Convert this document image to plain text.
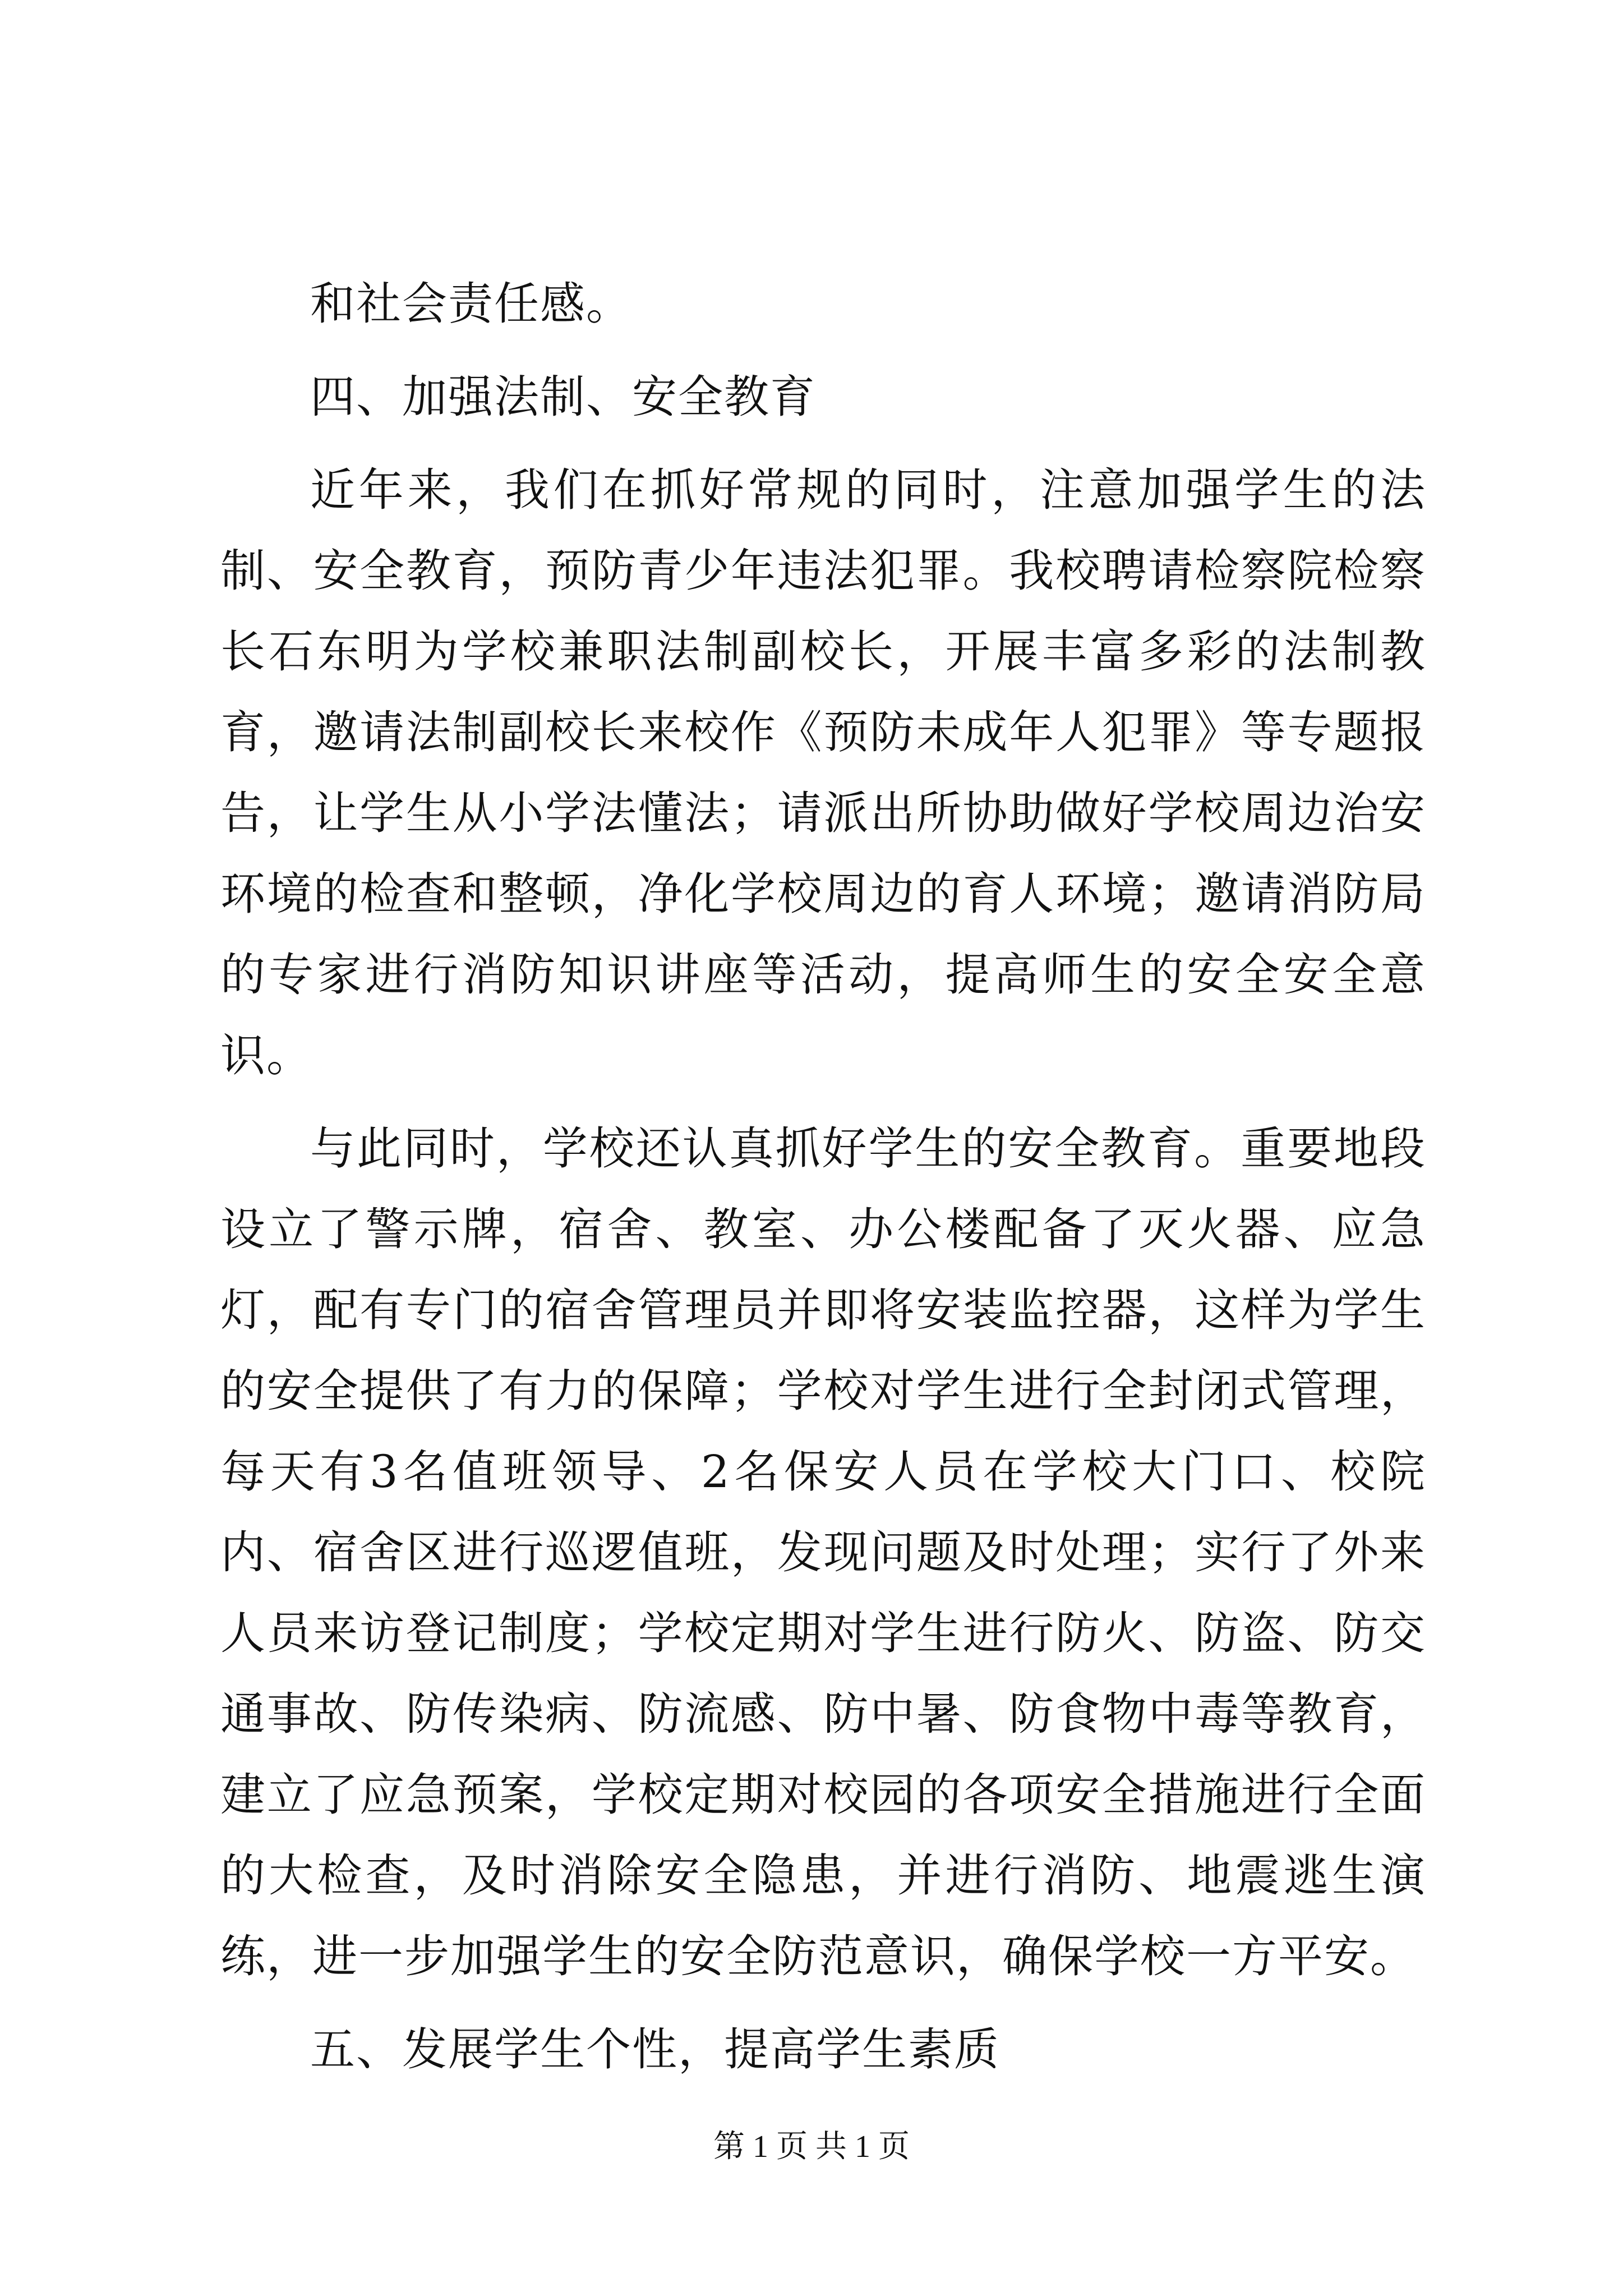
和社会责任感。

四、加强法制、安全教育

近年来，我们在抓好常规的同时，注意加强学生的法制、安全教育，预防青少年违法犯罪。我校聘请检察院检察长石东明为学校兼职法制副校长，开展丰富多彩的法制教育，邀请法制副校长来校作《预防未成年人犯罪》等专题报告，让学生从小学法懂法；请派出所协助做好学校周边治安环境的检查和整顿，净化学校周边的育人环境；邀请消防局的专家进行消防知识讲座等活动，提高师生的安全安全意识。

与此同时，学校还认真抓好学生的安全教育。重要地段设立了警示牌，宿舍、教室、办公楼配备了灭火器、应急灯，配有专门的宿舍管理员并即将安装监控器，这样为学生的安全提供了有力的保障；学校对学生进行全封闭式管理，每天有3名值班领导、2名保安人员在学校大门口、校院内、宿舍区进行巡逻值班，发现问题及时处理；实行了外来人员来访登记制度；学校定期对学生进行防火、防盗、防交通事故、防传染病、防流感、防中暑、防食物中毒等教育，建立了应急预案，学校定期对校园的各项安全措施进行全面的大检查，及时消除安全隐患，并进行消防、地震逃生演练，进一步加强学生的安全防范意识，确保学校一方平安。

五、发展学生个性，提高学生素质

第 1 页 共 1 页
